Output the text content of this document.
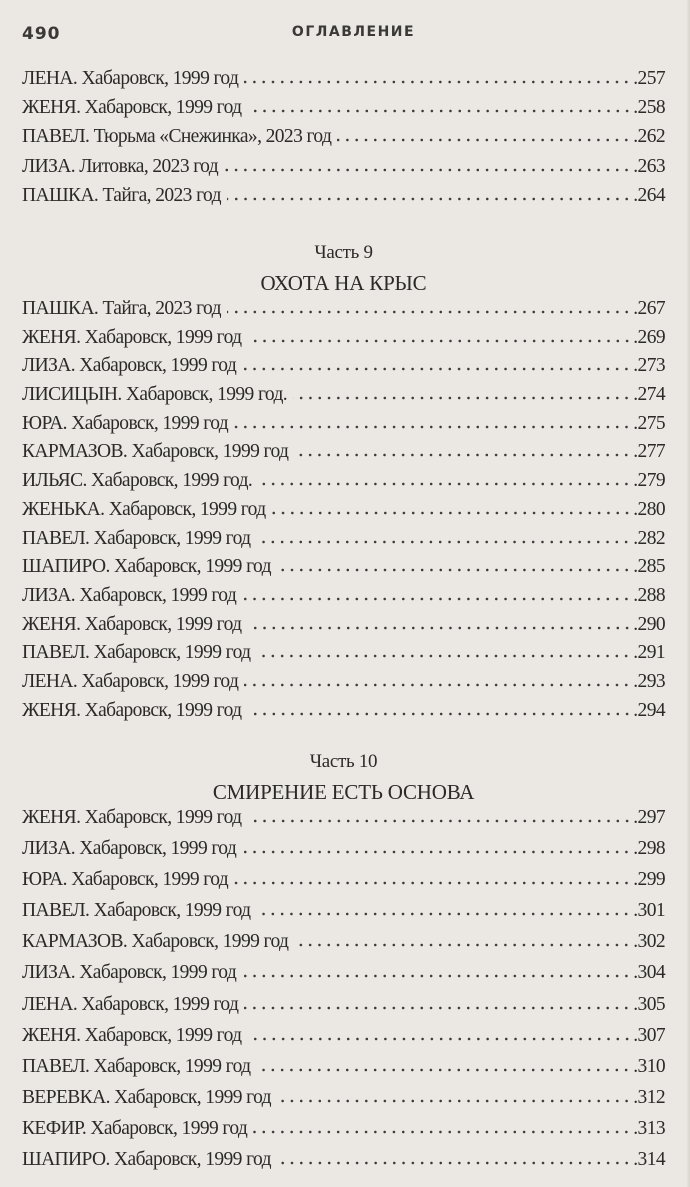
490	ОГЛАВЛЕНИЕ
ЛЕНА. Хабаровск, 1999 год	.257
ЖЕНЯ. Хабаровск, 1999 год	.258
ПАВЕЛ. Тюрьма «Снежинка», 2023 год	.262
ЛИЗА. Литовка, 2023 год	.263
ПАШКА. Тайга, 2023 год	.264
Часть 9
ОХОТА НА КРЫС
ПАШКА. Тайга, 2023 год	.267
ЖЕНЯ. Хабаровск, 1999 год	.269
ЛИЗА. Хабаровск, 1999 год	.273
ЛИСИЦЫН. Хабаровск, 1999 год.	.274
ЮРА. Хабаровск, 1999 год	.275
КАРМАЗОВ. Хабаровск, 1999 год	.277
ИЛЬЯС. Хабаровск, 1999 год.	.279
ЖЕНЬКА. Хабаровск, 1999 год	.280
ПАВЕЛ. Хабаровск, 1999 год	.282
ШАПИРО. Хабаровск, 1999 год	.285
ЛИЗА. Хабаровск, 1999 год	.288
ЖЕНЯ. Хабаровск, 1999 год	.290
ПАВЕЛ. Хабаровск, 1999 год	.291
ЛЕНА. Хабаровск, 1999 год	.293
ЖЕНЯ. Хабаровск, 1999 год	.294
Часть 10
СМИРЕНИЕ ЕСТЬ ОСНОВА
ЖЕНЯ. Хабаровск, 1999 год	.297
ЛИЗА. Хабаровск, 1999 год	.298
ЮРА. Хабаровск, 1999 год	.299
ПАВЕЛ. Хабаровск, 1999 год	.301
КАРМАЗОВ. Хабаровск, 1999 год	.302
ЛИЗА. Хабаровск, 1999 год	.304
ЛЕНА. Хабаровск, 1999 год	.305
ЖЕНЯ. Хабаровск, 1999 год	.307
ПАВЕЛ. Хабаровск, 1999 год	.310
ВЕРЕВКА. Хабаровск, 1999 год	.312
КЕФИР. Хабаровск, 1999 год	.313
ШАПИРО. Хабаровск, 1999 год	.314
